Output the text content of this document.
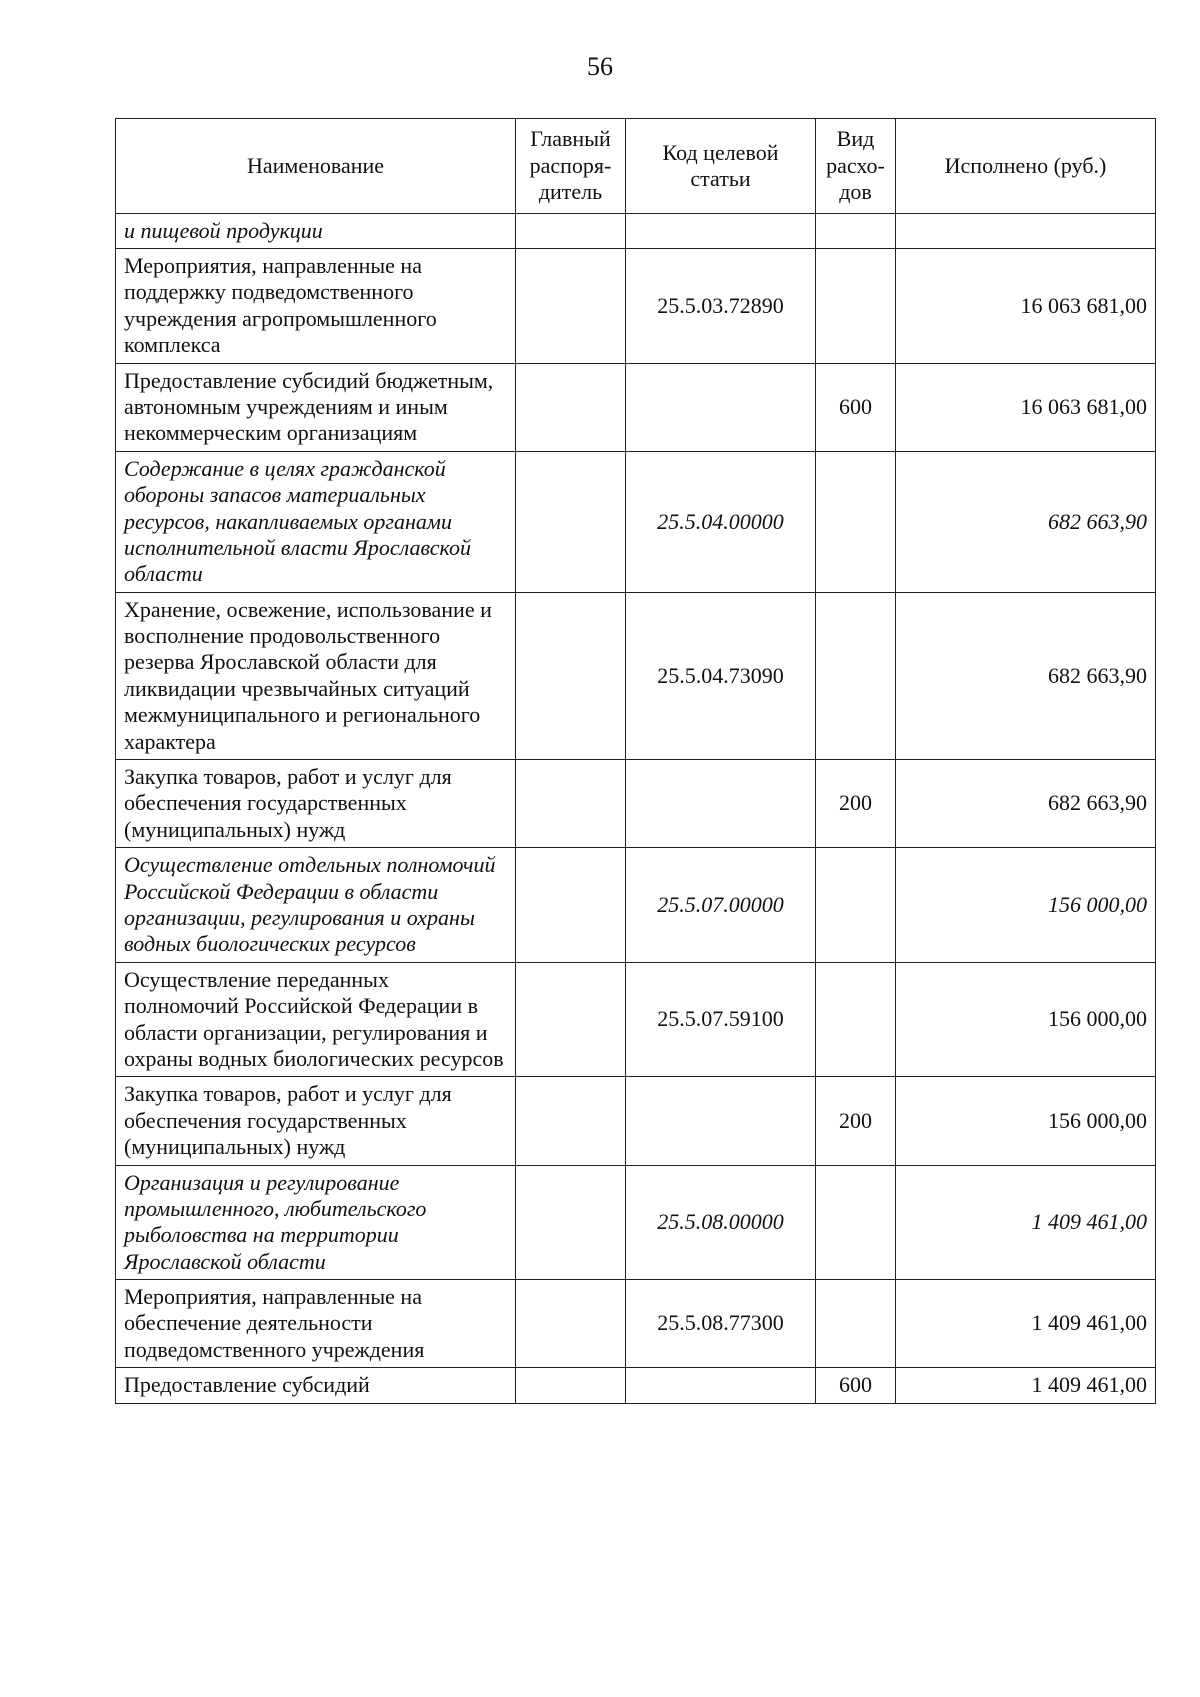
56
Наименование	Главный распоря-дитель	Код целевой статьи	Вид расхо-дов	Исполнено (руб.)
и пищевой продукции				
Мероприятия, направленные на поддержку подведомственного учреждения агропромышленного комплекса		25.5.03.72890		16 063 681,00
Предоставление субсидий бюджетным, автономным учреждениям и иным некоммерческим организациям			600	16 063 681,00
Содержание в целях гражданской обороны запасов материальных ресурсов, накапливаемых органами исполнительной власти Ярославской области		25.5.04.00000		682 663,90
Хранение, освежение, использование и восполнение продовольственного резерва Ярославской области для ликвидации чрезвычайных ситуаций межмуниципального и регионального характера		25.5.04.73090		682 663,90
Закупка товаров, работ и услуг для обеспечения государственных (муниципальных) нужд			200	682 663,90
Осуществление отдельных полномочий Российской Федерации в области организации, регулирования и охраны водных биологических ресурсов		25.5.07.00000		156 000,00
Осуществление переданных полномочий Российской Федерации в области организации, регулирования и охраны водных биологических ресурсов		25.5.07.59100		156 000,00
Закупка товаров, работ и услуг для обеспечения государственных (муниципальных) нужд			200	156 000,00
Организация и регулирование промышленного, любительского рыболовства на территории Ярославской области		25.5.08.00000		1 409 461,00
Мероприятия, направленные на обеспечение деятельности подведомственного учреждения		25.5.08.77300		1 409 461,00
Предоставление субсидий			600	1 409 461,00
